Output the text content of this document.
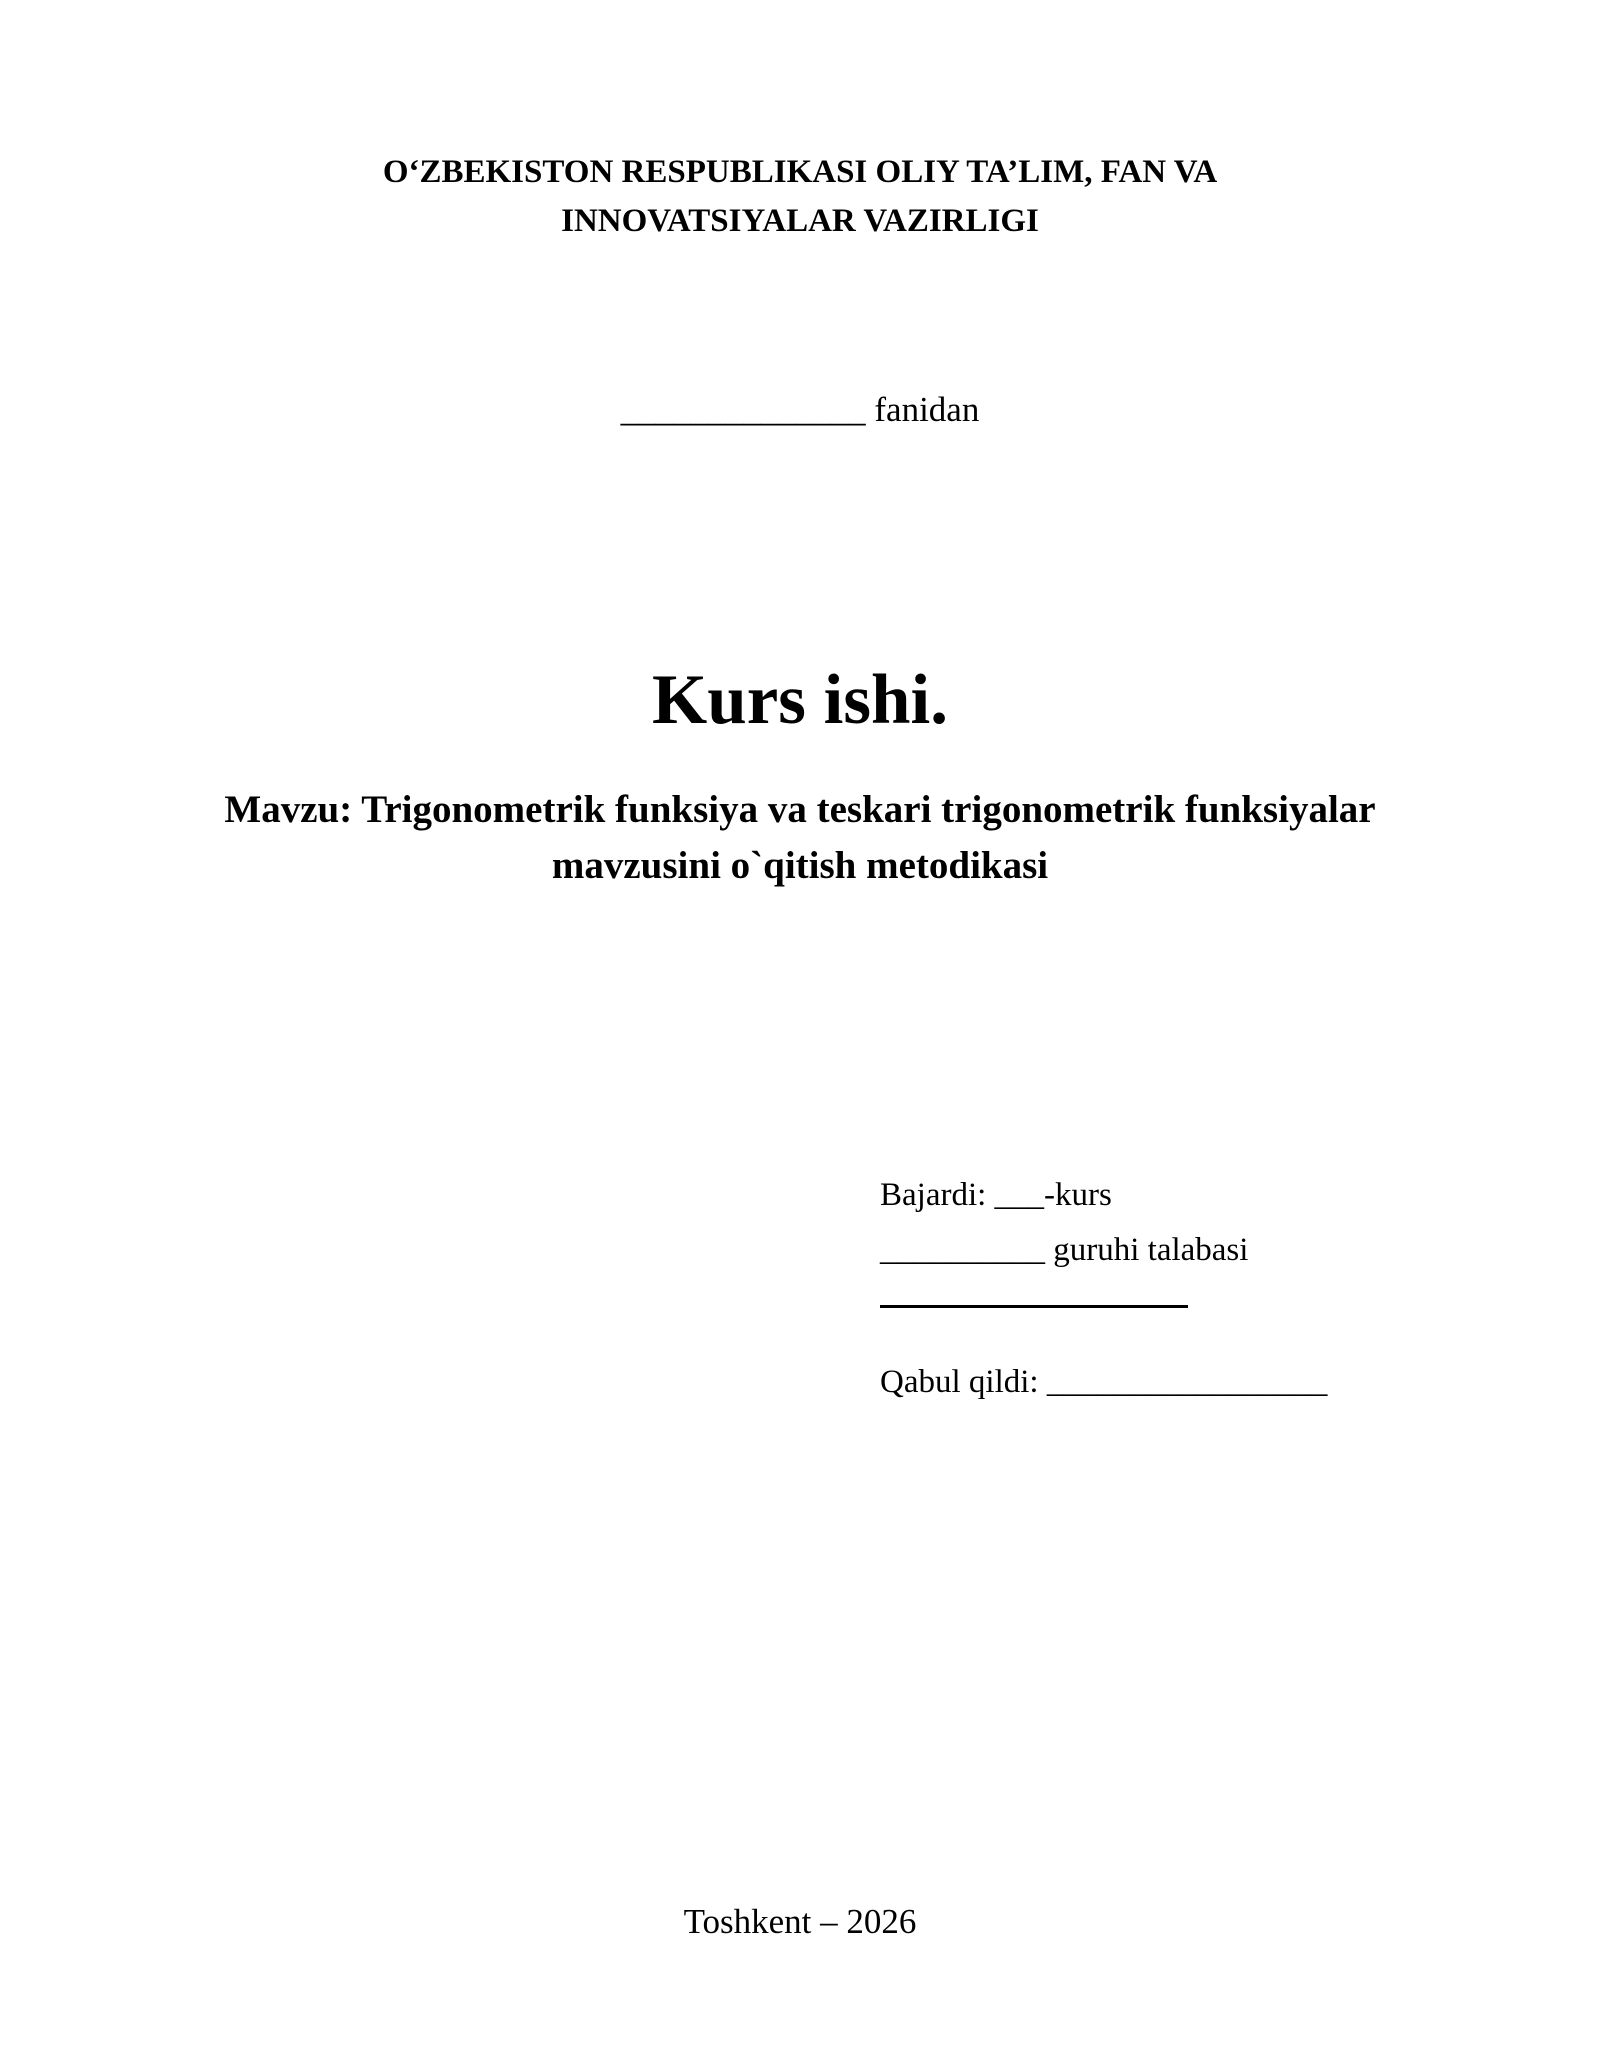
O‘ZBEKISTON RESPUBLIKASI OLIY TA’LIM, FAN VA
INNOVATSIYALAR VAZIRLIGI
______________ fanidan
Kurs ishi.
Mavzu: Trigonometrik funksiya va teskari trigonometrik funksiyalar
mavzusini o`qitish metodikasi
Bajardi: ___-kurs
__________ guruhi talabasi
Qabul qildi: _________________
Toshkent – 2026
